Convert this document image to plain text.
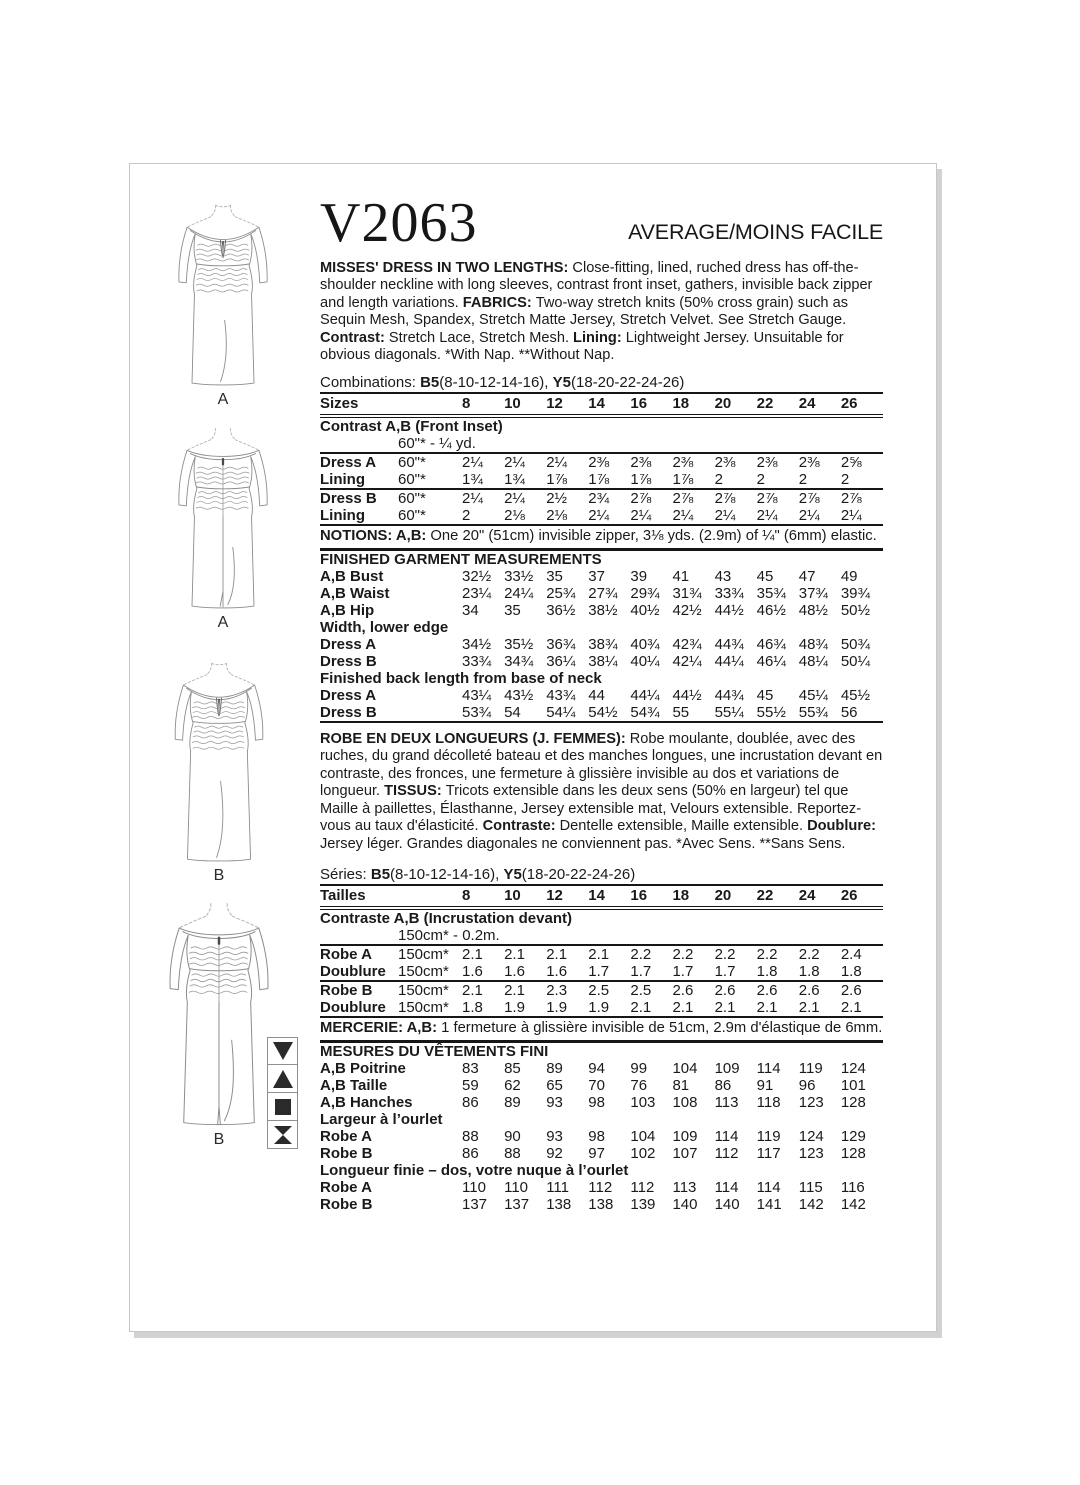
A
A
B
B
V2063	AVERAGE/MOINS FACILE

MISSES' DRESS IN TWO LENGTHS: Close-fitting, lined, ruched dress has off-the-shoulder neckline with long sleeves, contrast front inset, gathers, invisible back zipper and length variations. FABRICS: Two-way stretch knits (50% cross grain) such as Sequin Mesh, Spandex, Stretch Matte Jersey, Stretch Velvet. See Stretch Gauge. Contrast: Stretch Lace, Stretch Mesh. Lining: Lightweight Jersey. Unsuitable for obvious diagonals. *With Nap. **Without Nap.

Combinations: B5(8-10-12-14-16), Y5(18-20-22-24-26)

Sizes		8	10	12	14	16	18	20	22	24	26
Contrast A,B (Front Inset)											
	60"* - ¼ yd.										
Dress A	60"*	2¼	2¼	2¼	2⅜	2⅜	2⅜	2⅜	2⅜	2⅜	2⅝
Lining	60"*	1¾	1¾	1⅞	1⅞	1⅞	1⅞	2	2	2	2
Dress B	60"*	2¼	2¼	2½	2¾	2⅞	2⅞	2⅞	2⅞	2⅞	2⅞
Lining	60"*	2	2⅛	2⅛	2¼	2¼	2¼	2¼	2¼	2¼	2¼

NOTIONS: A,B: One 20" (51cm) invisible zipper, 3⅛ yds. (2.9m) of ¼" (6mm) elastic.

FINISHED GARMENT MEASUREMENTS										
A,B Bust	32½	33½	35	37	39	41	43	45	47	49
A,B Waist	23¼	24¼	25¾	27¾	29¾	31¾	33¾	35¾	37¾	39¾
A,B Hip	34	35	36½	38½	40½	42½	44½	46½	48½	50½
Width, lower edge										
Dress A	34½	35½	36¾	38¾	40¾	42¾	44¾	46¾	48¾	50¾
Dress B	33¾	34¾	36¼	38¼	40¼	42¼	44¼	46¼	48¼	50¼
Finished back length from base of neck										
Dress A	43¼	43½	43¾	44	44¼	44½	44¾	45	45¼	45½
Dress B	53¾	54	54¼	54½	54¾	55	55¼	55½	55¾	56

ROBE EN DEUX LONGUEURS (J. FEMMES): Robe moulante, doublée, avec des ruches, du grand décolleté bateau et des manches longues, une incrustation devant en contraste, des fronces, une fermeture à glissière invisible au dos et variations de longueur. TISSUS: Tricots extensible dans les deux sens (50% en largeur) tel que Maille à paillettes, Élasthanne, Jersey extensible mat, Velours extensible. Reportez-vous au taux d'élasticité. Contraste: Dentelle extensible, Maille extensible. Doublure: Jersey léger. Grandes diagonales ne conviennent pas. *Avec Sens. **Sans Sens.

Séries: B5(8-10-12-14-16), Y5(18-20-22-24-26)

Tailles		8	10	12	14	16	18	20	22	24	26
Contraste A,B (Incrustation devant)											
	150cm* - 0.2m.										
Robe A	150cm*	2.1	2.1	2.1	2.1	2.2	2.2	2.2	2.2	2.2	2.4
Doublure	150cm*	1.6	1.6	1.6	1.7	1.7	1.7	1.7	1.8	1.8	1.8
Robe B	150cm*	2.1	2.1	2.3	2.5	2.5	2.6	2.6	2.6	2.6	2.6
Doublure	150cm*	1.8	1.9	1.9	1.9	2.1	2.1	2.1	2.1	2.1	2.1

MERCERIE: A,B: 1 fermeture à glissière invisible de 51cm, 2.9m d'élastique de 6mm.

MESURES DU VÊTEMENTS FINI										
A,B Poitrine	83	85	89	94	99	104	109	114	119	124
A,B Taille	59	62	65	70	76	81	86	91	96	101
A,B Hanches	86	89	93	98	103	108	113	118	123	128
Largeur à l’ourlet										
Robe A	88	90	93	98	104	109	114	119	124	129
Robe B	86	88	92	97	102	107	112	117	123	128
Longueur finie – dos, votre nuque à l’ourlet										
Robe A	110	110	111	112	112	113	114	114	115	116
Robe B	137	137	138	138	139	140	140	141	142	142
